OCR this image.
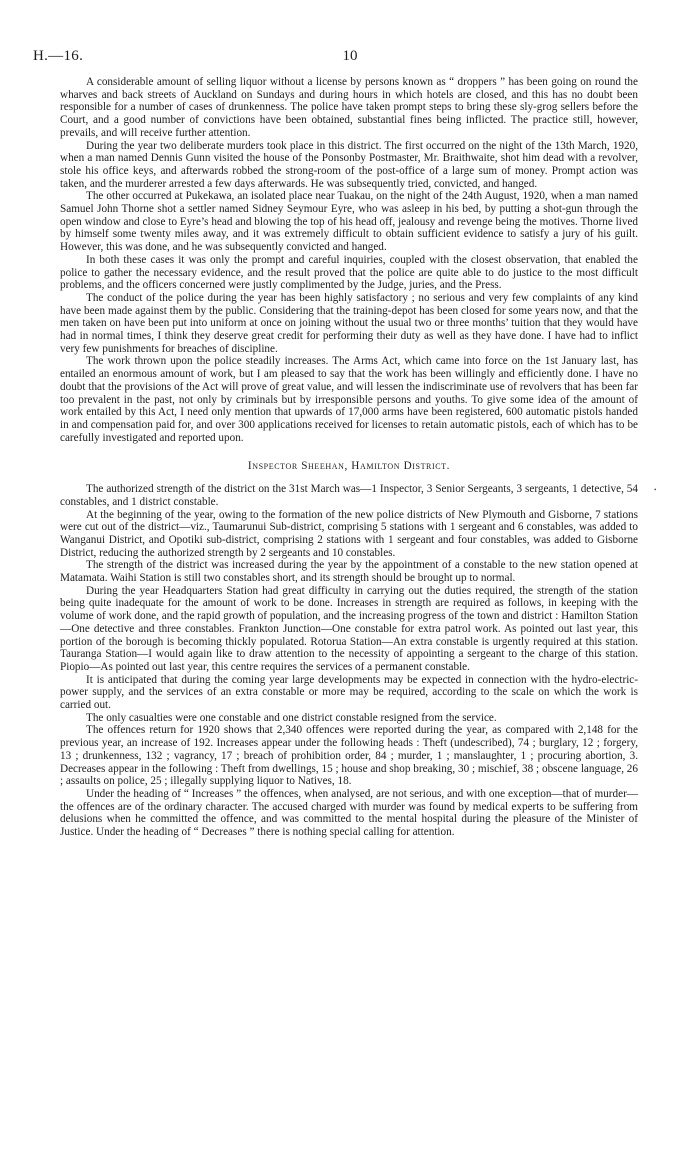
H.—16.	10
•

A considerable amount of selling liquor without a license by persons known as “ droppers ” has been going on round the wharves and back streets of Auckland on Sundays and during hours in which hotels are closed, and this has no doubt been responsible for a number of cases of drunkenness. The police have taken prompt steps to bring these sly-grog sellers before the Court, and a good number of convictions have been obtained, substantial fines being inflicted. The practice still, however, prevails, and will receive further attention.

During the year two deliberate murders took place in this district. The first occurred on the night of the 13th March, 1920, when a man named Dennis Gunn visited the house of the Ponsonby Postmaster, Mr. Braithwaite, shot him dead with a revolver, stole his office keys, and afterwards robbed the strong-room of the post-office of a large sum of money. Prompt action was taken, and the murderer arrested a few days afterwards. He was subsequently tried, convicted, and hanged.

The other occurred at Pukekawa, an isolated place near Tuakau, on the night of the 24th August, 1920, when a man named Samuel John Thorne shot a settler named Sidney Seymour Eyre, who was asleep in his bed, by putting a shot-gun through the open window and close to Eyre’s head and blowing the top of his head off, jealousy and revenge being the motives. Thorne lived by himself some twenty miles away, and it was extremely difficult to obtain sufficient evidence to satisfy a jury of his guilt. However, this was done, and he was subsequently convicted and hanged.

In both these cases it was only the prompt and careful inquiries, coupled with the closest observation, that enabled the police to gather the necessary evidence, and the result proved that the police are quite able to do justice to the most difficult problems, and the officers concerned were justly complimented by the Judge, juries, and the Press.

The conduct of the police during the year has been highly satisfactory ; no serious and very few complaints of any kind have been made against them by the public. Considering that the training-depot has been closed for some years now, and that the men taken on have been put into uniform at once on joining without the usual two or three months’ tuition that they would have had in normal times, I think they deserve great credit for performing their duty as well as they have done. I have had to inflict very few punishments for breaches of discipline.

The work thrown upon the police steadily increases. The Arms Act, which came into force on the 1st January last, has entailed an enormous amount of work, but I am pleased to say that the work has been willingly and efficiently done. I have no doubt that the provisions of the Act will prove of great value, and will lessen the indiscriminate use of revolvers that has been far too prevalent in the past, not only by criminals but by irresponsible persons and youths. To give some idea of the amount of work entailed by this Act, I need only mention that upwards of 17,000 arms have been registered, 600 automatic pistols handed in and compensation paid for, and over 300 applications received for licenses to retain automatic pistols, each of which has to be carefully investigated and reported upon.

Inspector Sheehan, Hamilton District.

The authorized strength of the district on the 31st March was—1 Inspector, 3 Senior Sergeants, 3 sergeants, 1 detective, 54 constables, and 1 district constable.

At the beginning of the year, owing to the formation of the new police districts of New Plymouth and Gisborne, 7 stations were cut out of the district—viz., Taumarunui Sub-district, comprising 5 stations with 1 sergeant and 6 constables, was added to Wanganui District, and Opotiki sub-district, comprising 2 stations with 1 sergeant and four constables, was added to Gisborne District, reducing the authorized strength by 2 sergeants and 10 constables.

The strength of the district was increased during the year by the appointment of a constable to the new station opened at Matamata. Waihi Station is still two constables short, and its strength should be brought up to normal.

During the year Headquarters Station had great difficulty in carrying out the duties required, the strength of the station being quite inadequate for the amount of work to be done. Increases in strength are required as follows, in keeping with the volume of work done, and the rapid growth of population, and the increasing progress of the town and district : Hamilton Station—One detective and three constables. Frankton Junction—One constable for extra patrol work. As pointed out last year, this portion of the borough is becoming thickly populated. Rotorua Station—An extra constable is urgently required at this station. Tauranga Station—I would again like to draw attention to the necessity of appointing a sergeant to the charge of this station. Piopio—As pointed out last year, this centre requires the services of a permanent constable.

It is anticipated that during the coming year large developments may be expected in connection with the hydro-electric-power supply, and the services of an extra constable or more may be required, according to the scale on which the work is carried out.

The only casualties were one constable and one district constable resigned from the service.

The offences return for 1920 shows that 2,340 offences were reported during the year, as compared with 2,148 for the previous year, an increase of 192. Increases appear under the following heads : Theft (undescribed), 74 ; burglary, 12 ; forgery, 13 ; drunkenness, 132 ; vagrancy, 17 ; breach of prohibition order, 84 ; murder, 1 ; manslaughter, 1 ; procuring abortion, 3. Decreases appear in the following : Theft from dwellings, 15 ; house and shop breaking, 30 ; mischief, 38 ; obscene language, 26 ; assaults on police, 25 ; illegally supplying liquor to Natives, 18.

Under the heading of “ Increases ” the offences, when analysed, are not serious, and with one exception—that of murder—the offences are of the ordinary character. The accused charged with murder was found by medical experts to be suffering from delusions when he committed the offence, and was committed to the mental hospital during the pleasure of the Minister of Justice. Under the heading of “ Decreases ” there is nothing special calling for attention.
